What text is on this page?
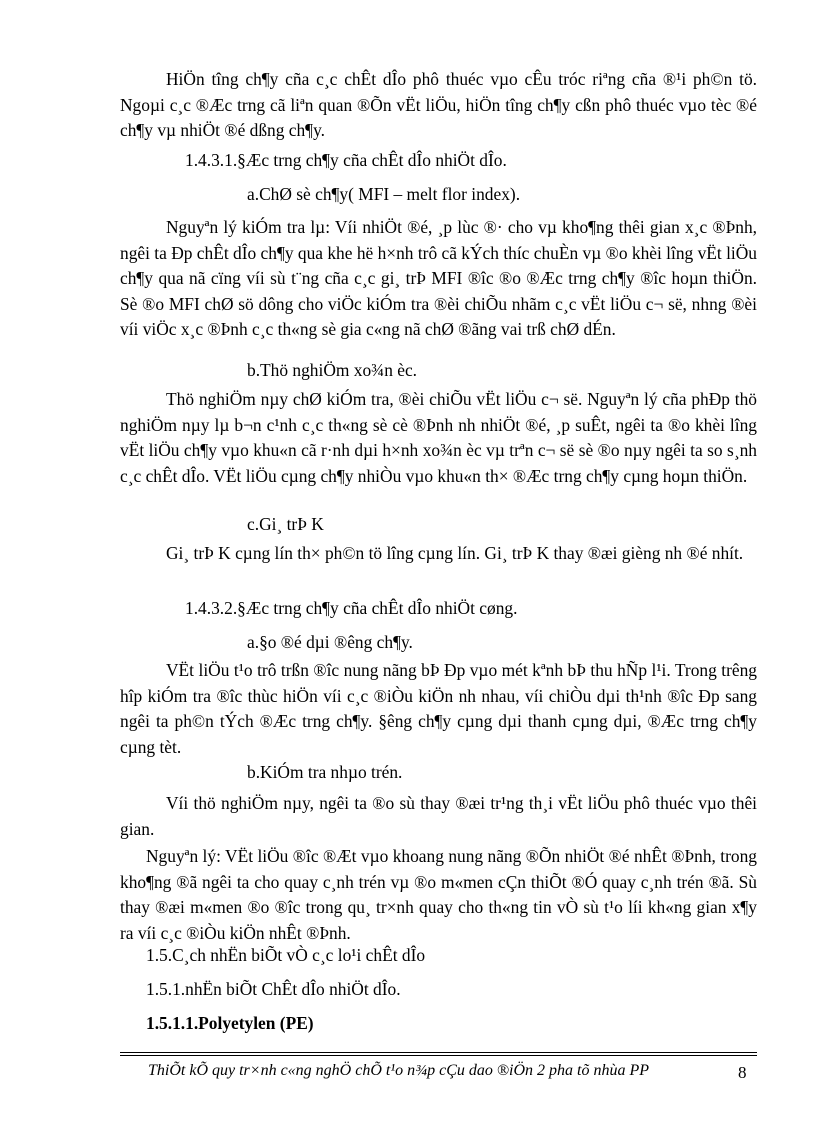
HiÖn tîng ch¶y cña c¸c chÊt dÎo phô thuéc vµo cÊu tróc riªng cña ®¹i ph©n tö. Ngoµi c¸c ®Æc trng cã liªn quan ®Õn vËt liÖu, hiÖn tîng ch¶y cßn phô thuéc vµo tèc ®é ch¶y vµ nhiÖt ®é dßng ch¶y.

1.4.3.1.§Æc trng ch¶y cña chÊt dÎo nhiÖt dÎo.

a.ChØ sè ch¶y( MFI – melt flor index).

Nguyªn lý kiÓm tra lµ: Víi nhiÖt ®é, ¸p lùc ®· cho vµ kho¶ng thêi gian x¸c ®Þnh, ngêi ta Ðp chÊt dÎo ch¶y qua khe hë h×nh trô cã kÝch thíc chuÈn vµ ®o khèi lîng vËt liÖu ch¶y qua nã cïng víi sù t¨ng cña c¸c gi¸ trÞ MFI ®îc ®o ®Æc trng ch¶y ®îc hoµn thiÖn. Sè ®o MFI chØ sö dông cho viÖc kiÓm tra ®èi chiÕu nhãm c¸c vËt liÖu c¬ së, nhng ®èi víi viÖc x¸c ®Þnh c¸c th«ng sè gia c«ng nã chØ ®ãng vai trß chØ dÉn.

b.Thö nghiÖm xo¾n èc.

Thö nghiÖm nµy chØ kiÓm tra, ®èi chiÕu vËt liÖu c¬ së. Nguyªn lý cña phÐp thö nghiÖm nµy lµ b¬n c¹nh c¸c th«ng sè cè ®Þnh nh nhiÖt ®é, ¸p suÊt, ngêi ta ®o khèi lîng vËt liÖu ch¶y vµo khu«n cã r·nh dµi h×nh xo¾n èc vµ trªn c¬ së sè ®o nµy ngêi ta so s¸nh c¸c chÊt dÎo. VËt liÖu cµng ch¶y nhiÒu vµo khu«n th× ®Æc trng ch¶y cµng hoµn thiÖn.

c.Gi¸ trÞ K

Gi¸ trÞ K cµng lín th× ph©n tö lîng cµng lín. Gi¸ trÞ K thay ®æi gièng nh ®é nhít.

1.4.3.2.§Æc trng ch¶y cña chÊt dÎo nhiÖt cøng.

a.§o ®é dµi ®êng ch¶y.

VËt liÖu t¹o trô trßn ®îc nung nãng bÞ Ðp vµo mét kªnh bÞ thu hÑp l¹i. Trong trêng hîp kiÓm tra ®îc thùc hiÖn víi c¸c ®iÒu kiÖn nh nhau, víi chiÒu dµi th¹nh ®îc Ðp sang ngêi ta ph©n tÝch ®Æc trng ch¶y. §êng ch¶y cµng dµi thanh cµng dµi, ®Æc trng ch¶y cµng tèt.

b.KiÓm tra nhµo trén.

Víi thö nghiÖm nµy, ngêi ta ®o sù thay ®æi tr¹ng th¸i vËt liÖu phô thuéc vµo thêi gian.

Nguyªn lý: VËt liÖu ®îc ®Æt vµo khoang nung nãng ®Õn nhiÖt ®é nhÊt ®Þnh, trong kho¶ng ®ã ngêi ta cho quay c¸nh trén vµ ®o m«men cÇn thiÕt ®Ó quay c¸nh trén ®ã. Sù thay ®æi m«men ®o ®îc trong qu¸ tr×nh quay cho th«ng tin vÒ sù t¹o líi kh«ng gian x¶y ra víi c¸c ®iÒu kiÖn nhÊt ®Þnh.

1.5.C¸ch nhËn biÕt vÒ c¸c lo¹i chÊt dÎo

1.5.1.nhËn biÕt ChÊt dÎo nhiÖt dÎo.

1.5.1.1.Polyetylen (PE)

ThiÕt kÕ quy tr×nh c«ng nghÖ chÕ t¹o n¾p cÇu dao ®iÖn 2 pha tõ nhùa PP	8
